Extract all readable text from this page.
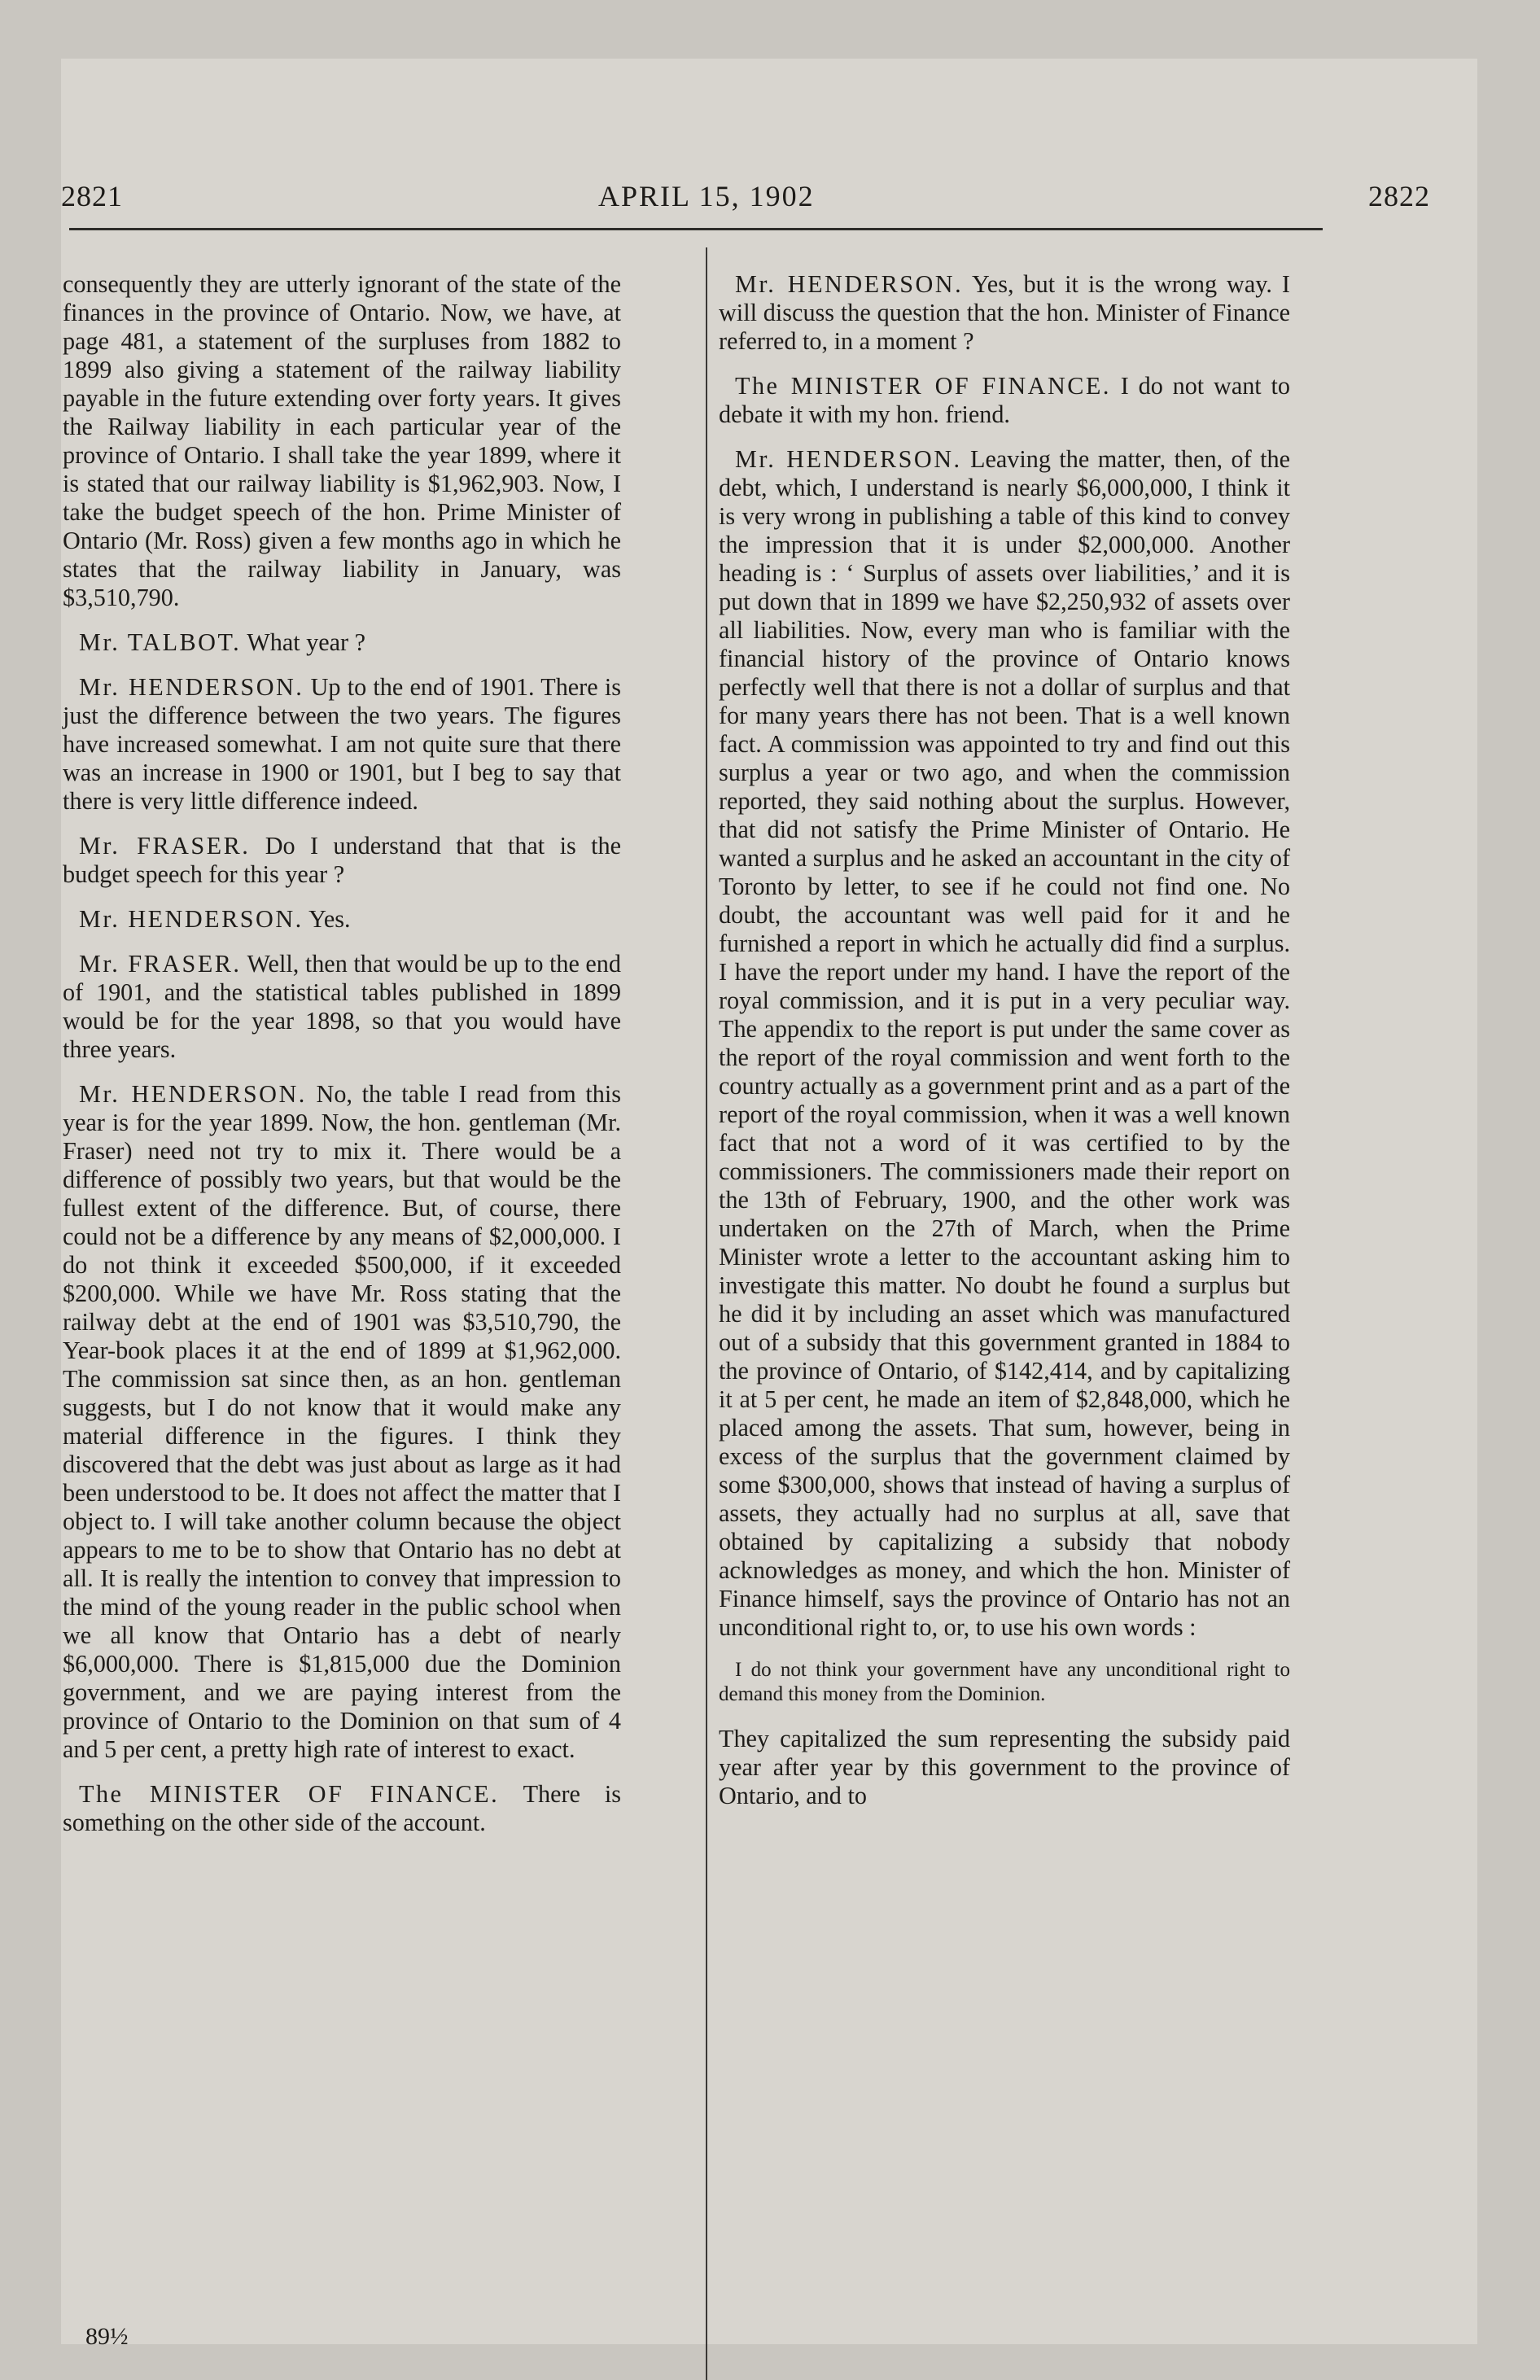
2821	APRIL 15, 1902	2822

consequently they are utterly ignorant of the state of the finances in the province of Ontario. Now, we have, at page 481, a statement of the surpluses from 1882 to 1899 also giving a statement of the railway liability payable in the future extending over forty years. It gives the Railway liability in each particular year of the province of Ontario. I shall take the year 1899, where it is stated that our railway liability is $1,962,903. Now, I take the budget speech of the hon. Prime Minister of Ontario (Mr. Ross) given a few months ago in which he states that the railway liability in January, was $3,510,790.

Mr. TALBOT. What year ?

Mr. HENDERSON. Up to the end of 1901. There is just the difference between the two years. The figures have increased somewhat. I am not quite sure that there was an increase in 1900 or 1901, but I beg to say that there is very little difference indeed.

Mr. FRASER. Do I understand that that is the budget speech for this year ?

Mr. HENDERSON. Yes.

Mr. FRASER. Well, then that would be up to the end of 1901, and the statistical tables published in 1899 would be for the year 1898, so that you would have three years.

Mr. HENDERSON. No, the table I read from this year is for the year 1899. Now, the hon. gentleman (Mr. Fraser) need not try to mix it. There would be a difference of possibly two years, but that would be the fullest extent of the difference. But, of course, there could not be a difference by any means of $2,000,000. I do not think it exceeded $500,000, if it exceeded $200,000. While we have Mr. Ross stating that the railway debt at the end of 1901 was $3,510,790, the Year-book places it at the end of 1899 at $1,962,000. The commission sat since then, as an hon. gentleman suggests, but I do not know that it would make any material difference in the figures. I think they discovered that the debt was just about as large as it had been understood to be. It does not affect the matter that I object to. I will take another column because the object appears to me to be to show that Ontario has no debt at all. It is really the intention to convey that impression to the mind of the young reader in the public school when we all know that Ontario has a debt of nearly $6,000,000. There is $1,815,000 due the Dominion government, and we are paying interest from the province of Ontario to the Dominion on that sum of 4 and 5 per cent, a pretty high rate of interest to exact.

The MINISTER OF FINANCE. There is something on the other side of the account.

Mr. HENDERSON. Yes, but it is the wrong way. I will discuss the question that the hon. Minister of Finance referred to, in a moment ?

The MINISTER OF FINANCE. I do not want to debate it with my hon. friend.

Mr. HENDERSON. Leaving the matter, then, of the debt, which, I understand is nearly $6,000,000, I think it is very wrong in publishing a table of this kind to convey the impression that it is under $2,000,000. Another heading is : ‘ Surplus of assets over liabilities,’ and it is put down that in 1899 we have $2,250,932 of assets over all liabilities. Now, every man who is familiar with the financial history of the province of Ontario knows perfectly well that there is not a dollar of surplus and that for many years there has not been. That is a well known fact. A commission was appointed to try and find out this surplus a year or two ago, and when the commission reported, they said nothing about the surplus. However, that did not satisfy the Prime Minister of Ontario. He wanted a surplus and he asked an accountant in the city of Toronto by letter, to see if he could not find one. No doubt, the accountant was well paid for it and he furnished a report in which he actually did find a surplus. I have the report under my hand. I have the report of the royal commission, and it is put in a very peculiar way. The appendix to the report is put under the same cover as the report of the royal commission and went forth to the country actually as a government print and as a part of the report of the royal commission, when it was a well known fact that not a word of it was certified to by the commissioners. The commissioners made their report on the 13th of February, 1900, and the other work was undertaken on the 27th of March, when the Prime Minister wrote a letter to the accountant asking him to investigate this matter. No doubt he found a surplus but he did it by including an asset which was manufactured out of a subsidy that this government granted in 1884 to the province of Ontario, of $142,414, and by capitalizing it at 5 per cent, he made an item of $2,848,000, which he placed among the assets. That sum, however, being in excess of the surplus that the government claimed by some $300,000, shows that instead of having a surplus of assets, they actually had no surplus at all, save that obtained by capitalizing a subsidy that nobody acknowledges as money, and which the hon. Minister of Finance himself, says the province of Ontario has not an unconditional right to, or, to use his own words :

I do not think your government have any unconditional right to demand this money from the Dominion.

They capitalized the sum representing the subsidy paid year after year by this government to the province of Ontario, and to

89½
